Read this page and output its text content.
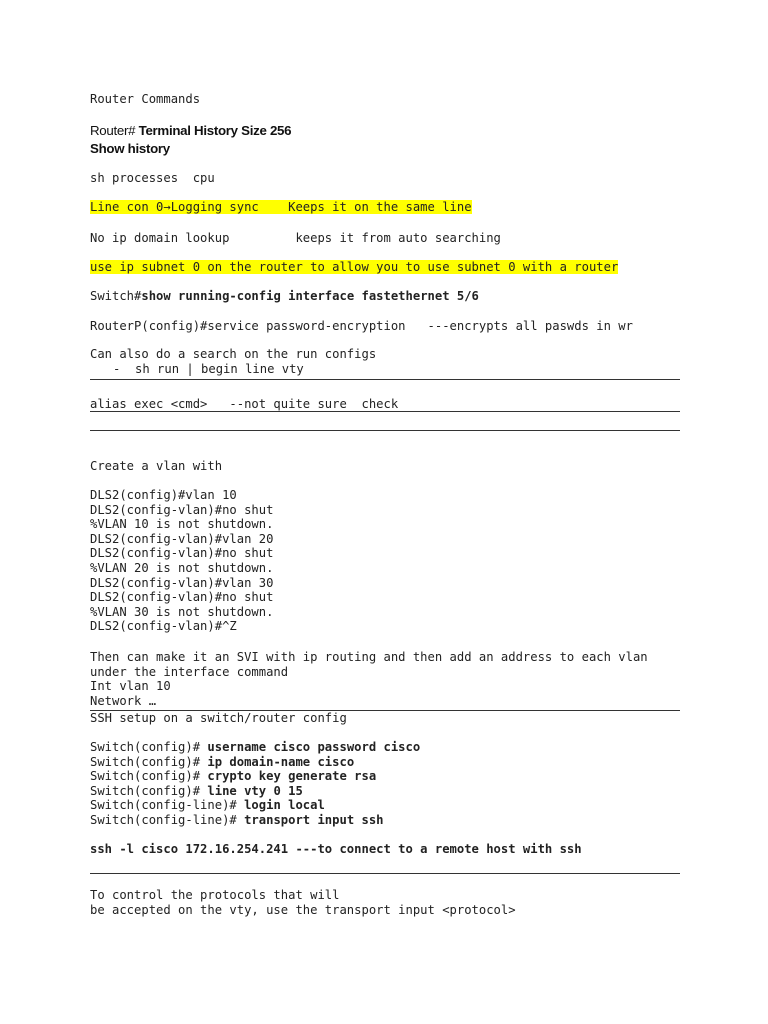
Router Commands
Router# Terminal History Size 256
Show history
sh processes  cpu
Line con 0→Logging sync    Keeps it on the same line
No ip domain lookup         keeps it from auto searching
use ip subnet 0 on the router to allow you to use subnet 0 with a router
Switch#show running-config interface fastethernet 5/6
RouterP(config)#service password-encryption   ---encrypts all paswds in wr
Can also do a search on the run configs
-  sh run | begin line vty
alias exec <cmd>   --not quite sure  check
Create a vlan with
DLS2(config)#vlan 10
DLS2(config-vlan)#no shut
%VLAN 10 is not shutdown.
DLS2(config-vlan)#vlan 20
DLS2(config-vlan)#no shut
%VLAN 20 is not shutdown.
DLS2(config-vlan)#vlan 30
DLS2(config-vlan)#no shut
%VLAN 30 is not shutdown.
DLS2(config-vlan)#^Z
Then can make it an SVI with ip routing and then add an address to each vlan
under the interface command
Int vlan 10
Network …
SSH setup on a switch/router config
Switch(config)# username cisco password cisco
Switch(config)# ip domain-name cisco
Switch(config)# crypto key generate rsa
Switch(config)# line vty 0 15
Switch(config-line)# login local
Switch(config-line)# transport input ssh
ssh -l cisco 172.16.254.241 ---to connect to a remote host with ssh
To control the protocols that will
be accepted on the vty, use the transport input <protocol>
